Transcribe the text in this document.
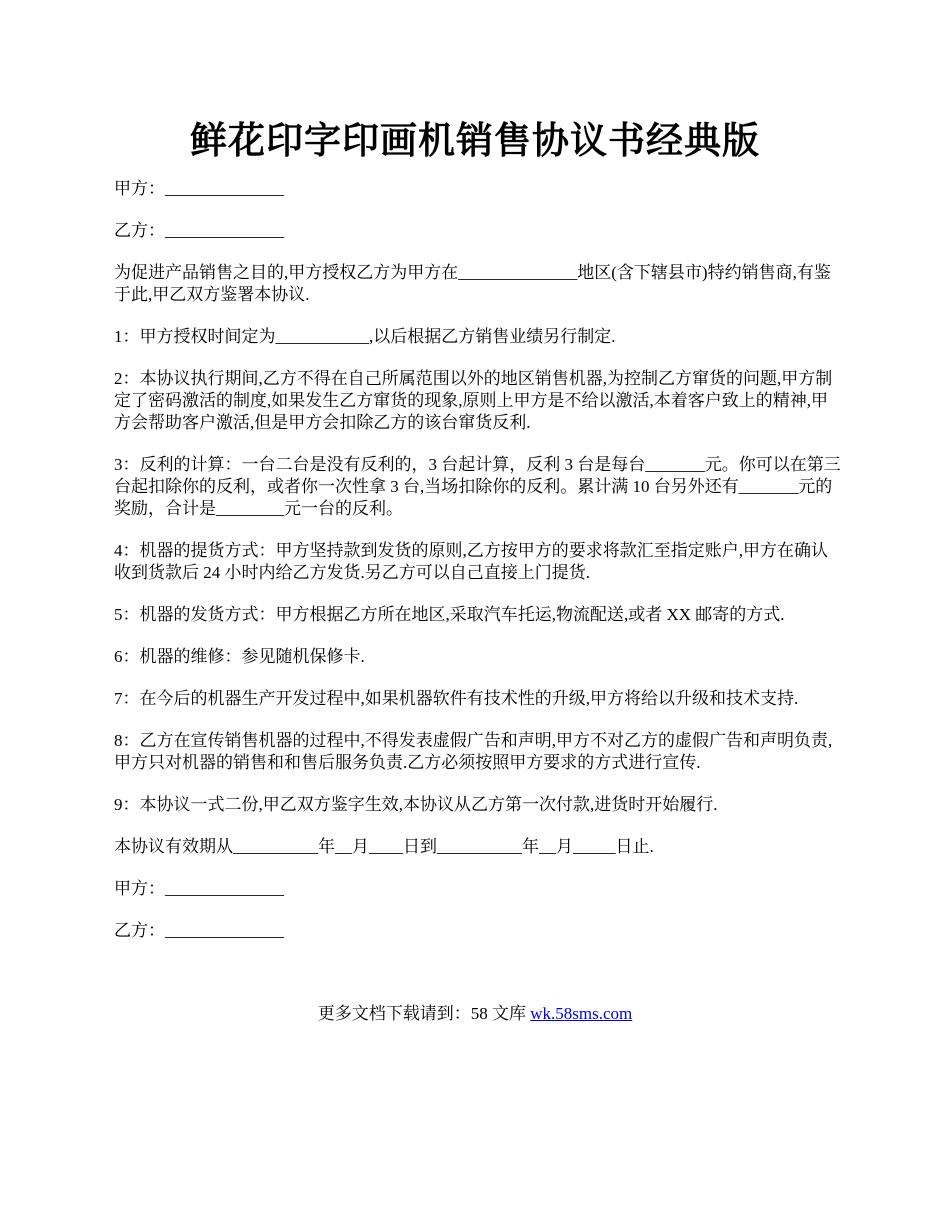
鲜花印字印画机销售协议书经典版

甲方：______________

乙方：______________

为促进产品销售之目的,甲方授权乙方为甲方在______________地区(含下辖县市)特约销售商,有鉴于此,甲乙双方鉴署本协议.

1：甲方授权时间定为___________,以后根据乙方销售业绩另行制定.

2：本协议执行期间,乙方不得在自己所属范围以外的地区销售机器,为控制乙方窜货的问题,甲方制定了密码激活的制度,如果发生乙方窜货的现象,原则上甲方是不给以激活,本着客户致上的精神,甲方会帮助客户激活,但是甲方会扣除乙方的该台窜货反利.

3：反利的计算：一台二台是没有反利的，3 台起计算，反利 3 台是每台_______元。你可以在第三台起扣除你的反利，或者你一次性拿 3 台,当场扣除你的反利。累计满 10 台另外还有_______元的奖励，合计是________元一台的反利。

4：机器的提货方式：甲方坚持款到发货的原则,乙方按甲方的要求将款汇至指定账户,甲方在确认收到货款后 24 小时内给乙方发货.另乙方可以自己直接上门提货.

5：机器的发货方式：甲方根据乙方所在地区,采取汽车托运,物流配送,或者 XX 邮寄的方式.

6：机器的维修：参见随机保修卡.

7：在今后的机器生产开发过程中,如果机器软件有技术性的升级,甲方将给以升级和技术支持.

8：乙方在宣传销售机器的过程中,不得发表虚假广告和声明,甲方不对乙方的虚假广告和声明负责,甲方只对机器的销售和和售后服务负责.乙方必须按照甲方要求的方式进行宣传.

9：本协议一式二份,甲乙双方鉴字生效,本协议从乙方第一次付款,进货时开始履行.

本协议有效期从__________年__月____日到__________年__月_____日止.

甲方：______________

乙方：______________

更多文档下载请到：58 文库 wk.58sms.com
